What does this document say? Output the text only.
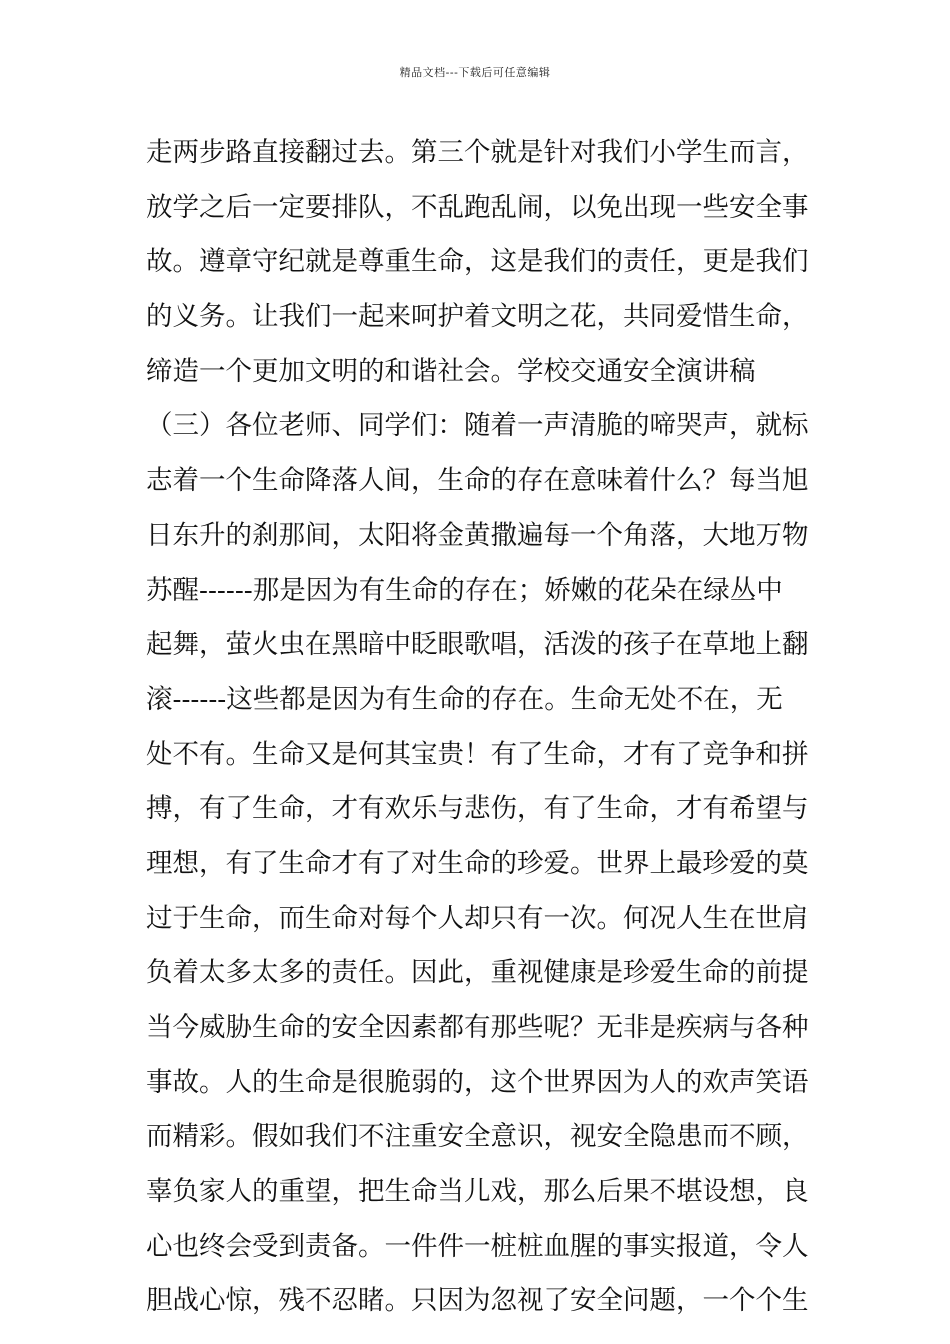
精品文档---下载后可任意编辑
走两步路直接翻过去。第三个就是针对我们小学生而言，
放学之后一定要排队，不乱跑乱闹，以免出现一些安全事
故。遵章守纪就是尊重生命，这是我们的责任，更是我们
的义务。让我们一起来呵护着文明之花，共同爱惜生命，
缔造一个更加文明的和谐社会。学校交通安全演讲稿
（三）各位老师、同学们：随着一声清脆的啼哭声，就标
志着一个生命降落人间，生命的存在意味着什么？每当旭
日东升的刹那间，太阳将金黄撒遍每一个角落，大地万物
苏醒------那是因为有生命的存在；娇嫩的花朵在绿丛中
起舞，萤火虫在黑暗中眨眼歌唱，活泼的孩子在草地上翻
滚------这些都是因为有生命的存在。生命无处不在，无
处不有。生命又是何其宝贵！有了生命，才有了竞争和拼
搏，有了生命，才有欢乐与悲伤，有了生命，才有希望与
理想，有了生命才有了对生命的珍爱。世界上最珍爱的莫
过于生命，而生命对每个人却只有一次。何况人生在世肩
负着太多太多的责任。因此，重视健康是珍爱生命的前提
当今威胁生命的安全因素都有那些呢？无非是疾病与各种
事故。人的生命是很脆弱的，这个世界因为人的欢声笑语
而精彩。假如我们不注重安全意识，视安全隐患而不顾，
辜负家人的重望，把生命当儿戏，那么后果不堪设想，良
心也终会受到责备。一件件一桩桩血腥的事实报道，令人
胆战心惊，残不忍睹。只因为忽视了安全问题，一个个生
